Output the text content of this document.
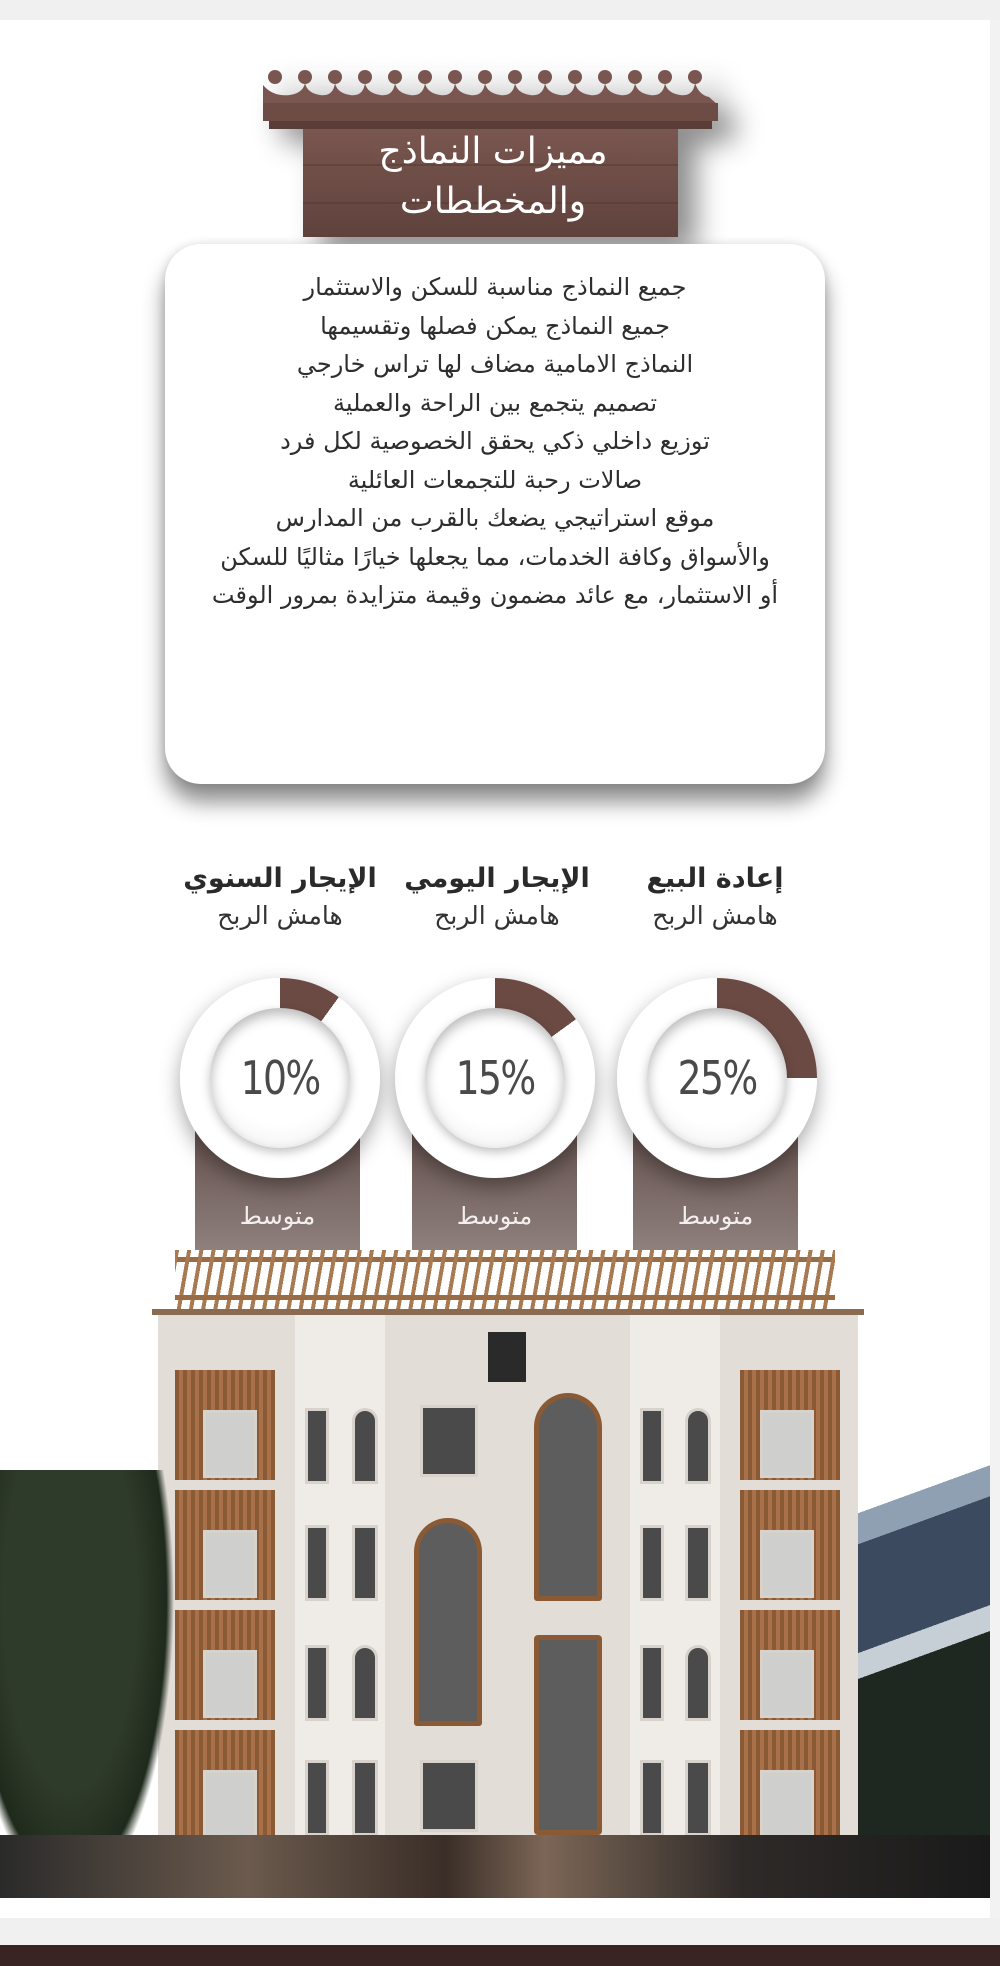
مميزات النماذج
والمخططات
جميع النماذج مناسبة للسكن والاستثمار
جميع النماذج يمكن فصلها وتقسيمها
النماذج الامامية مضاف لها تراس خارجي
تصميم يتجمع بين الراحة والعملية
توزيع داخلي ذكي يحقق الخصوصية لكل فرد
صالات رحبة للتجمعات العائلية
موقع استراتيجي يضعك بالقرب من المدارس
والأسواق وكافة الخدمات، مما يجعلها خيارًا مثاليًا للسكن
أو الاستثمار، مع عائد مضمون وقيمة متزايدة بمرور الوقت
إعادة البيع
هامش الربح
الإيجار اليومي
هامش الربح
الإيجار السنوي
هامش الربح
متوسط
متوسط
متوسط
25%
15%
10%
